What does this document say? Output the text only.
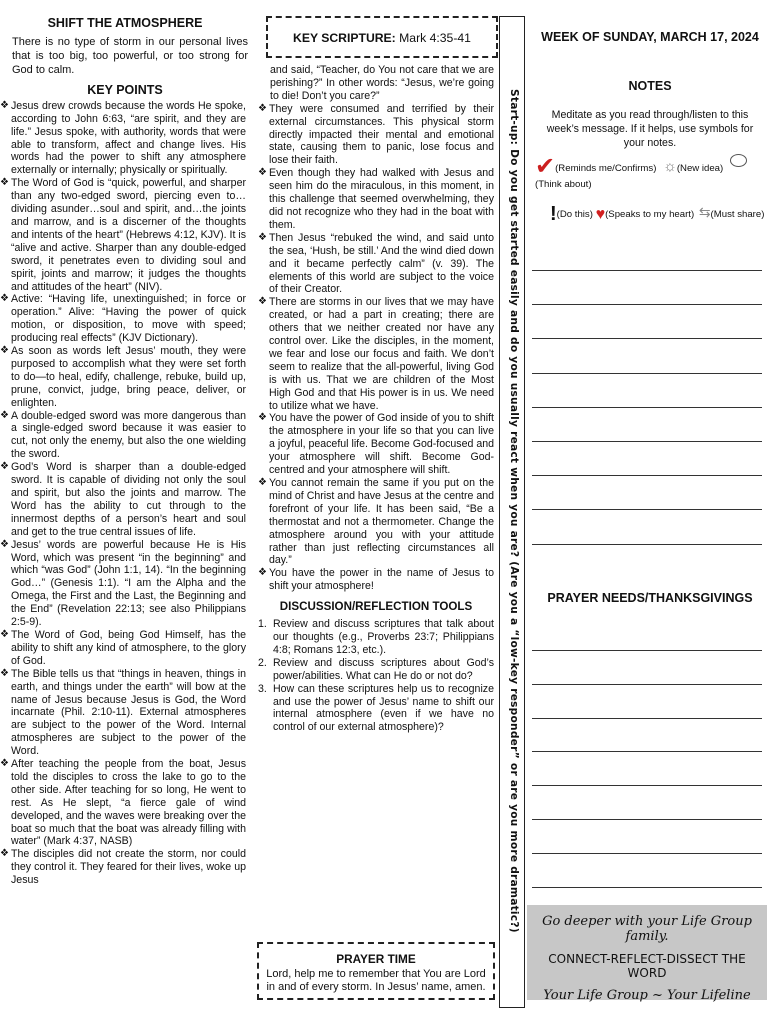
SHIFT THE ATMOSPHERE

There is no type of storm in our personal lives that is too big, too powerful, or too strong for God to calm.

KEY POINTS

❖ Jesus drew crowds because the words He spoke, according to John 6:63, “are spirit, and they are life.” Jesus spoke, with authority, words that were able to transform, affect and change lives. His words had the power to shift any atmosphere externally or internally; physically or spiritually.

❖ The Word of God is “quick, powerful, and sharper than any two-edged sword, piercing even to…dividing asunder…soul and spirit, and…the joints and marrow, and is a discerner of the thoughts and intents of the heart” (Hebrews 4:12, KJV). It is “alive and active. Sharper than any double-edged sword, it penetrates even to dividing soul and spirit, joints and marrow; it judges the thoughts and attitudes of the heart” (NIV).

❖ Active: “Having life, unextinguished; in force or operation.” Alive: “Having the power of quick motion, or disposition, to move with speed; producing real effects” (KJV Dictionary).

❖ As soon as words left Jesus’ mouth, they were purposed to accomplish what they were set forth to do—to heal, edify, challenge, rebuke, build up, prune, convict, judge, bring peace, deliver, or enlighten.

❖ A double-edged sword was more dangerous than a single-edged sword because it was easier to cut, not only the enemy, but also the one wielding the sword.

❖ God’s Word is sharper than a double-edged sword. It is capable of dividing not only the soul and spirit, but also the joints and marrow. The Word has the ability to cut through to the innermost depths of a person’s heart and soul and get to the true central issues of life.

❖ Jesus’ words are powerful because He is His Word, which was present “in the beginning” and which “was God” (John 1:1, 14). “In the beginning God…” (Genesis 1:1). “I am the Alpha and the Omega, the First and the Last, the Beginning and the End” (Revelation 22:13; see also Philippians 2:5-9).

❖ The Word of God, being God Himself, has the ability to shift any kind of atmosphere, to the glory of God.

❖ The Bible tells us that “things in heaven, things in earth, and things under the earth” will bow at the name of Jesus because Jesus is God, the Word incarnate (Phil. 2:10-11). External atmospheres are subject to the power of the Word. Internal atmospheres are subject to the power of the Word.

❖ After teaching the people from the boat, Jesus told the disciples to cross the lake to go to the other side. After teaching for so long, He went to rest. As He slept, “a fierce gale of wind developed, and the waves were breaking over the boat so much that the boat was already filling with water” (Mark 4:37, NASB)

❖ The disciples did not create the storm, nor could they control it. They feared for their lives, woke up Jesus

KEY SCRIPTURE: Mark 4:35-41

and said, “Teacher, do You not care that we are perishing?” In other words: “Jesus, we’re going to die! Don’t you care?”

❖ They were consumed and terrified by their external circumstances. This physical storm directly impacted their mental and emotional state, causing them to panic, lose focus and lose their faith.

❖ Even though they had walked with Jesus and seen him do the miraculous, in this moment, in this challenge that seemed overwhelming, they did not recognize who they had in the boat with them.

❖ Then Jesus “rebuked the wind, and said unto the sea, ‘Hush, be still.’ And the wind died down and it became perfectly calm” (v. 39). The elements of this world are subject to the voice of their Creator.

❖ There are storms in our lives that we may have created, or had a part in creating; there are others that we neither created nor have any control over. Like the disciples, in the moment, we fear and lose our focus and faith. We don’t seem to realize that the all-powerful, living God is with us. That we are children of the Most High God and that His power is in us. We need to utilize what we have.

❖ You have the power of God inside of you to shift the atmosphere in your life so that you can live a joyful, peaceful life. Become God-focused and your atmosphere will shift. Become God-centred and your atmosphere will shift.

❖ You cannot remain the same if you put on the mind of Christ and have Jesus at the centre and forefront of your life. It has been said, “Be a thermostat and not a thermometer. Change the atmosphere around you with your attitude rather than just reflecting circumstances all day.”

❖ You have the power in the name of Jesus to shift your atmosphere!

DISCUSSION/REFLECTION TOOLS

1. Review and discuss scriptures that talk about our thoughts (e.g., Proverbs 23:7; Philippians 4:8; Romans 12:3, etc.).

2. Review and discuss scriptures about God’s power/abilities. What can He do or not do?

3. How can these scriptures help us to recognize and use the power of Jesus’ name to shift our internal atmosphere (even if we have no control of our external atmosphere)?

PRAYER TIME
Lord, help me to remember that You are Lord in and of every storm. In Jesus’ name, amen.
Start-up: Do you get started easily and do you usually react when you are? (Are you a “low-key responder” or are you more dramatic?)
WEEK OF SUNDAY, MARCH 17, 2024
NOTES

Meditate as you read through/listen to this week’s message. If it helps, use symbols for your notes.

✔(Reminds me/Confirms) ☼(New idea) (Think about)
!(Do this) ♥(Speaks to my heart) ⇆(Must share)
PRAYER NEEDS/THANKSGIVINGS
Go deeper with your Life Group family.
CONNECT-REFLECT-DISSECT THE WORD
Your Life Group ~ Your Lifeline
